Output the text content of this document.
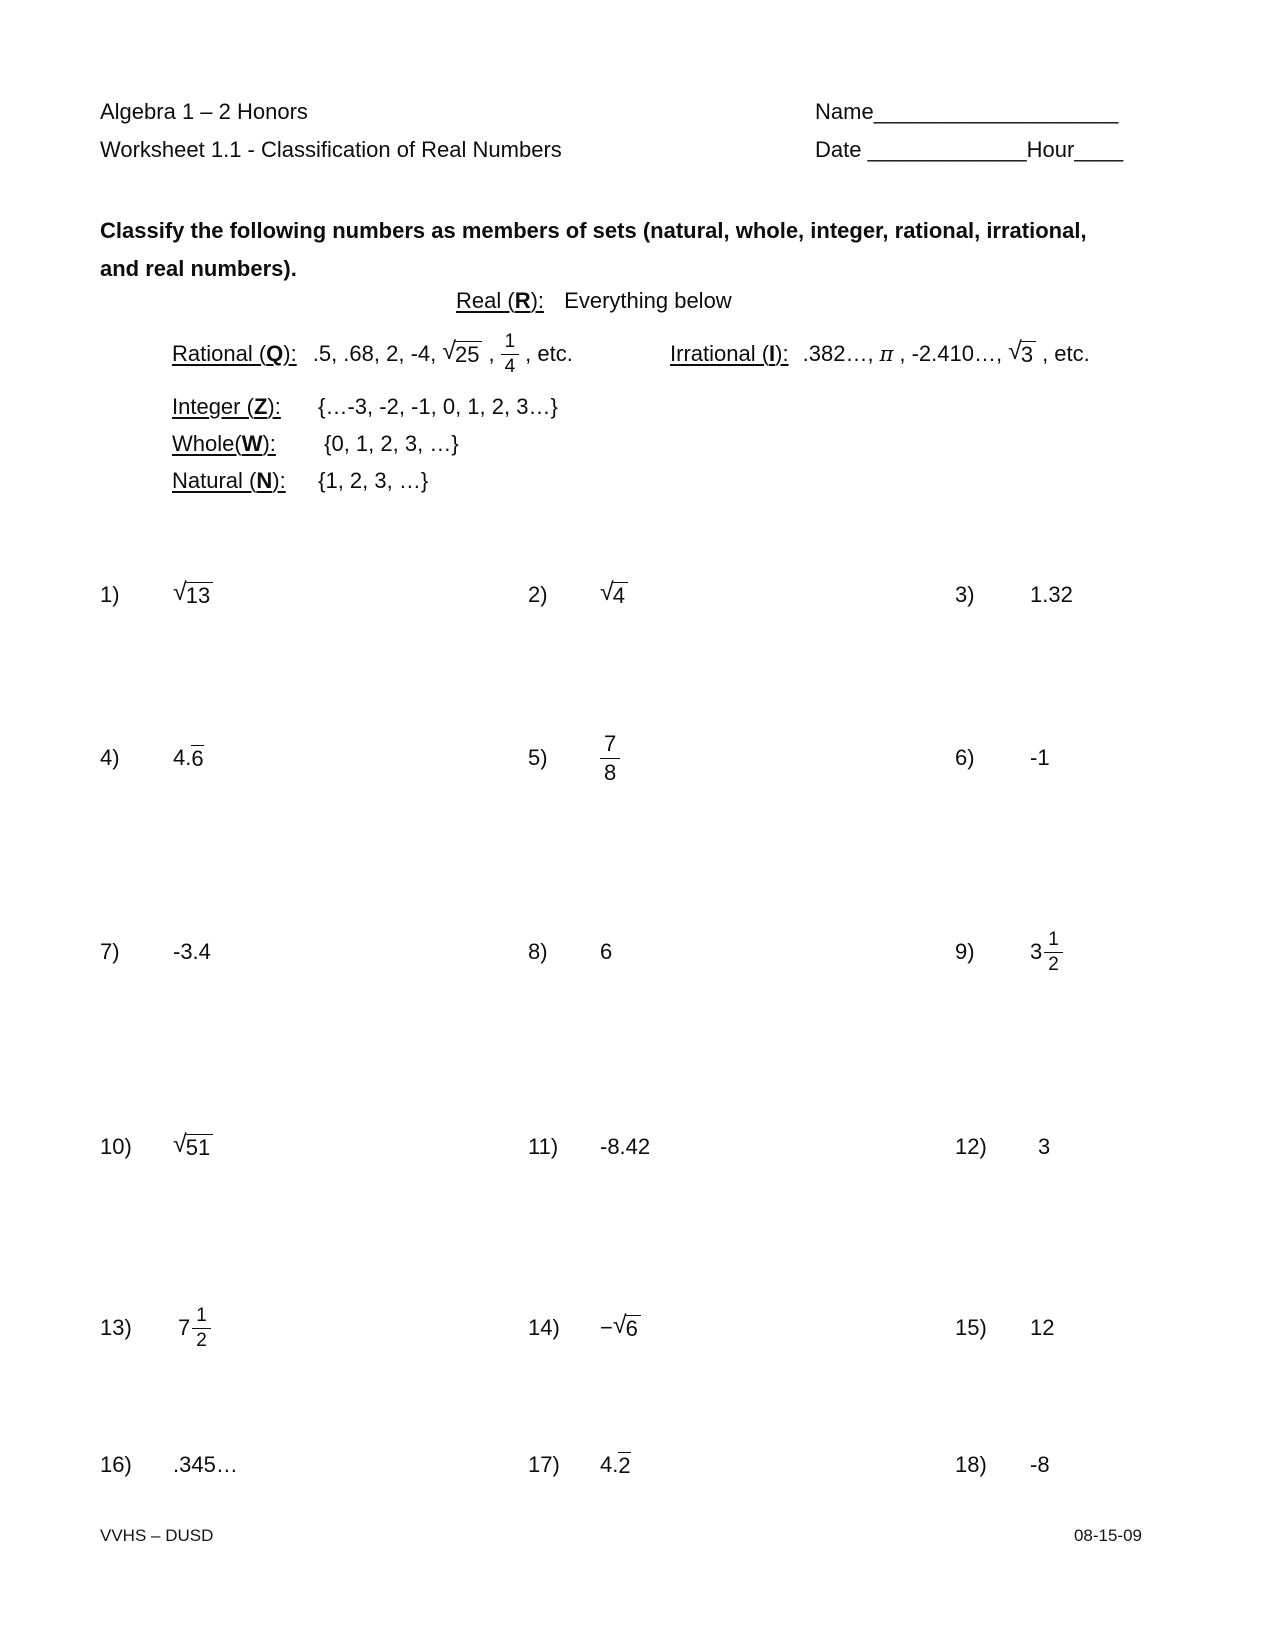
Algebra 1 – 2 Honors	Name____________________
Worksheet 1.1 - Classification of Real Numbers	Date _____________Hour____
Classify the following numbers as members of sets (natural, whole, integer, rational, irrational,
and real numbers).
Real (R): Everything below
Rational (Q): .5, .68, 2, -4, √ 25 , $\frac{1}{4}$ , etc.	Irrational (I): .382…, π , -2.410…, √ 3 , etc.
Integer (Z): {…-3, -2, -1, 0, 1, 2, 3…}
Whole(W): {0, 1, 2, 3, …}
Natural (N): {1, 2, 3, …}
1) √ 13	2) √ 4	3)	1.32
4) 4. 6	$5) \frac{7}{8}$	6)	-1
7) -3.4	8) 6	9)	$3 \frac{1}{2}$
10) √ 51	11) -8.42	12) 3
13) $7 \frac{1}{2}$	14) − √ 6	15) 12
16) .345…	17) 4. 2	18) -8
VVHS – DUSD	08-15-09
